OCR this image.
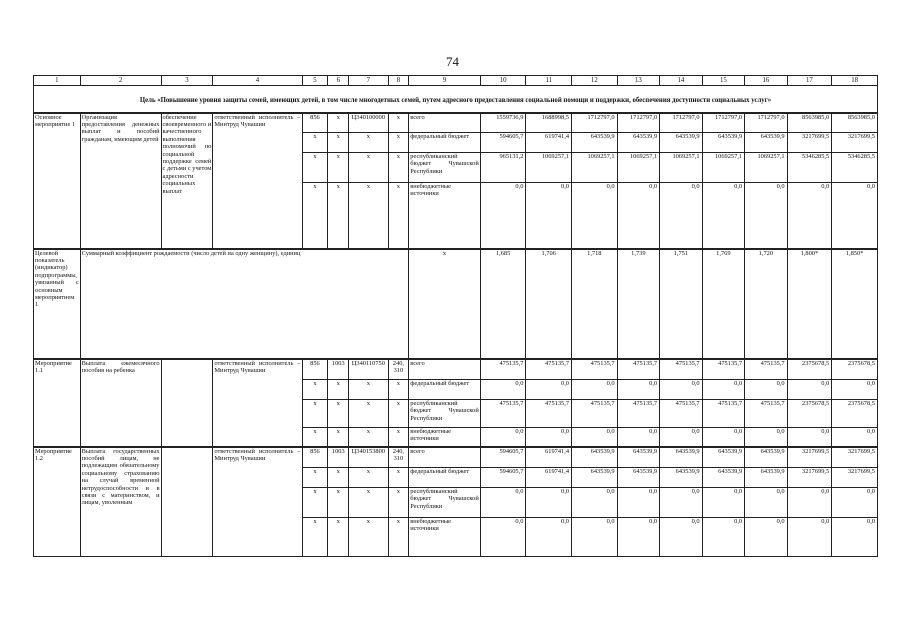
74
1	2	3	4	5	6	7	8	9	10	11	12	13	14	15	16	17	18
Цель «Повышение уровня защиты семей, имеющих детей, в том числе многодетных семей, путем адресного предоставления социальной помощи и поддержки, обеспечения доступности социальных услуг»																	
Основное мероприятие 1	Организация предоставления денежных выплат и пособий гражданам, имеющим детей	обеспечение своевременного и качественного выполнения полномочий по социальной поддержке семей с детьми с учетом адресности социальных выплат	ответственный исполнитель – Минтруд Чувашии	856	х	Ц340100000	х	всего	1559736,9	1688998,5	1712797,0	1712797,0	1712797,0	1712797,0	1712797,0	8563985,0	8563985,0
				х	х	х	х	федеральный бюджет	594605,7	619741,4	643539,9	643539,9	643539,9	643539,9	643539,9	3217699,5	3217699,5
				х	х	х	х	республиканский бюджет Чувашской Республики	965131,2	1069257,1	1069257,1	1069257,1	1069257,1	1069257,1	1069257,1	5346285,5	5346285,5
				х	х	х	х	внебюджетные источники	0,0	0,0	0,0	0,0	0,0	0,0	0,0	0,0	0,0
Целевой показатель (индикатор) подпрограммы, увязанный с основным мероприятием 1	Суммарный коэффициент рождаемости (число детей на одну женщину), единиц							х	1,685	1,706	1,718	1,739	1,751	1,769	1,720	1,800*	1,850*
Мероприятие 1.1	Выплата ежемесячного пособия на ребенка		ответственный исполнитель – Минтруд Чувашии	856	1003	Ц340110750	240, 310	всего	475135,7	475135,7	475135,7	475135,7	475135,7	475135,7	475135,7	2375678,5	2375678,5
				х	х	х	х	федеральный бюджет	0,0	0,0	0,0	0,0	0,0	0,0	0,0	0,0	0,0
				х	х	х	х	республиканский бюджет Чувашской Республики	475135,7	475135,7	475135,7	475135,7	475135,7	475135,7	475135,7	2375678,5	2375678,5
				х	х	х	х	внебюджетные источники	0,0	0,0	0,0	0,0	0,0	0,0	0,0	0,0	0,0
Мероприятие 1.2	Выплата государственных пособий лицам, не подлежащим обязательному социальному страхованию на случай временной нетрудоспособности и в связи с материнством, и лицам, уволенным		ответственный исполнитель – Минтруд Чувашии	856	1003	Ц340153800	240, 310	всего	594605,7	619741,4	643539,9	643539,9	643539,9	643539,9	643539,9	3217699,5	3217699,5
				х	х	х	х	федеральный бюджет	594605,7	619741,4	643539,9	643539,9	643539,9	643539,9	643539,9	3217699,5	3217699,5
				х	х	х	х	республиканский бюджет Чувашской Республики	0,0	0,0	0,0	0,0	0,0	0,0	0,0	0,0	0,0
				х	х	х	х	внебюджетные источники	0,0	0,0	0,0	0,0	0,0	0,0	0,0	0,0	0,0
